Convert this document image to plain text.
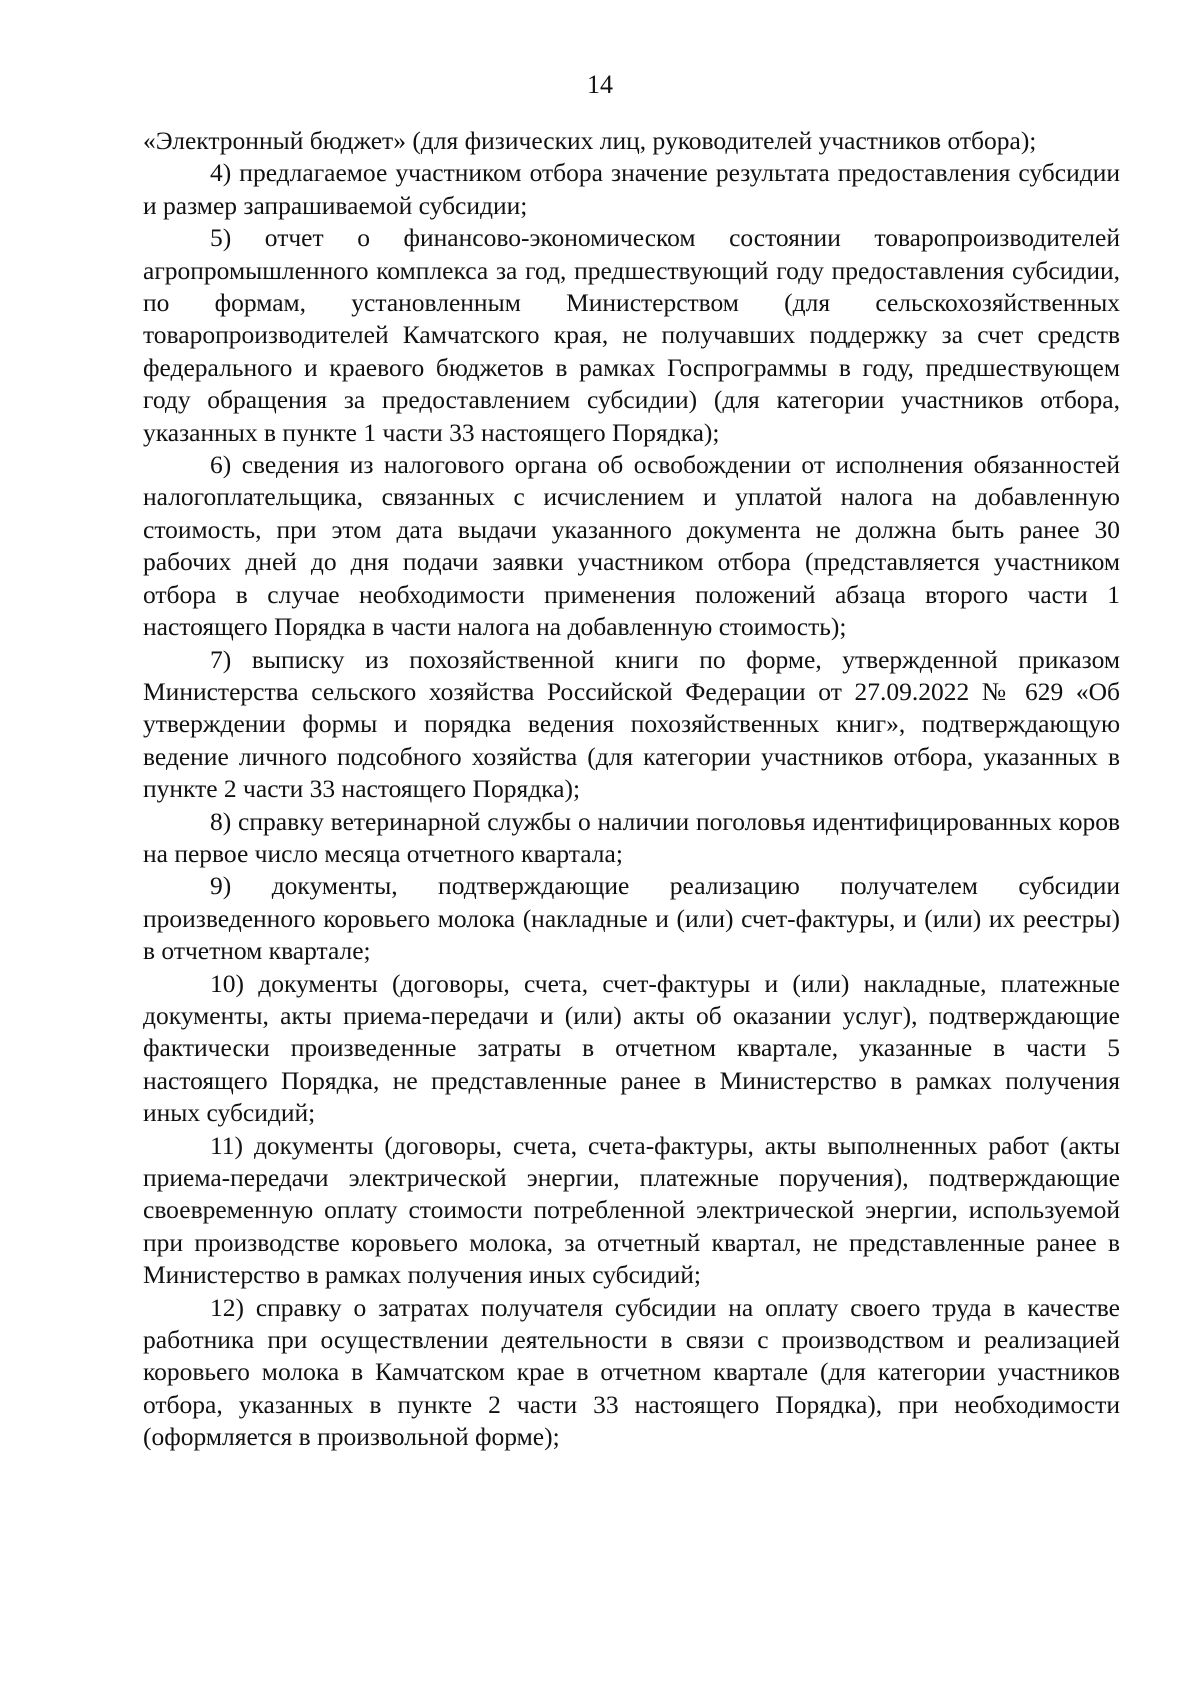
14

«Электронный бюджет» (для физических лиц, руководителей участников отбора);

4) предлагаемое участником отбора значение результата предоставления субсидии и размер запрашиваемой субсидии;

5) отчет о финансово-экономическом состоянии товаропроизводителей агропромышленного комплекса за год, предшествующий году предоставления субсидии, по формам, установленным Министерством (для сельскохозяйственных товаропроизводителей Камчатского края, не получавших поддержку за счет средств федерального и краевого бюджетов в рамках Госпрограммы в году, предшествующем году обращения за предоставлением субсидии) (для категории участников отбора, указанных в пункте 1 части 33 настоящего Порядка);

6) сведения из налогового органа об освобождении от исполнения обязанностей налогоплательщика, связанных с исчислением и уплатой налога на добавленную стоимость, при этом дата выдачи указанного документа не должна быть ранее 30 рабочих дней до дня подачи заявки участником отбора (представляется участником отбора в случае необходимости применения положений абзаца второго части 1 настоящего Порядка в части налога на добавленную стоимость);

7) выписку из похозяйственной книги по форме, утвержденной приказом Министерства сельского хозяйства Российской Федерации от 27.09.2022 № 629 «Об утверждении формы и порядка ведения похозяйственных книг», подтверждающую ведение личного подсобного хозяйства (для категории участников отбора, указанных в пункте 2 части 33 настоящего Порядка);

8) справку ветеринарной службы о наличии поголовья идентифицированных коров на первое число месяца отчетного квартала;

9) документы, подтверждающие реализацию получателем субсидии произведенного коровьего молока (накладные и (или) счет-фактуры, и (или) их реестры) в отчетном квартале;

10) документы (договоры, счета, счет-фактуры и (или) накладные, платежные документы, акты приема-передачи и (или) акты об оказании услуг), подтверждающие фактически произведенные затраты в отчетном квартале, указанные в части 5 настоящего Порядка, не представленные ранее в Министерство в рамках получения иных субсидий;

11) документы (договоры, счета, счета-фактуры, акты выполненных работ (акты приема-передачи электрической энергии, платежные поручения), подтверждающие своевременную оплату стоимости потребленной электрической энергии, используемой при производстве коровьего молока, за отчетный квартал, не представленные ранее в Министерство в рамках получения иных субсидий;

12) справку о затратах получателя субсидии на оплату своего труда в качестве работника при осуществлении деятельности в связи с производством и реализацией коровьего молока в Камчатском крае в отчетном квартале (для категории участников отбора, указанных в пункте 2 части 33 настоящего Порядка), при необходимости (оформляется в произвольной форме);
